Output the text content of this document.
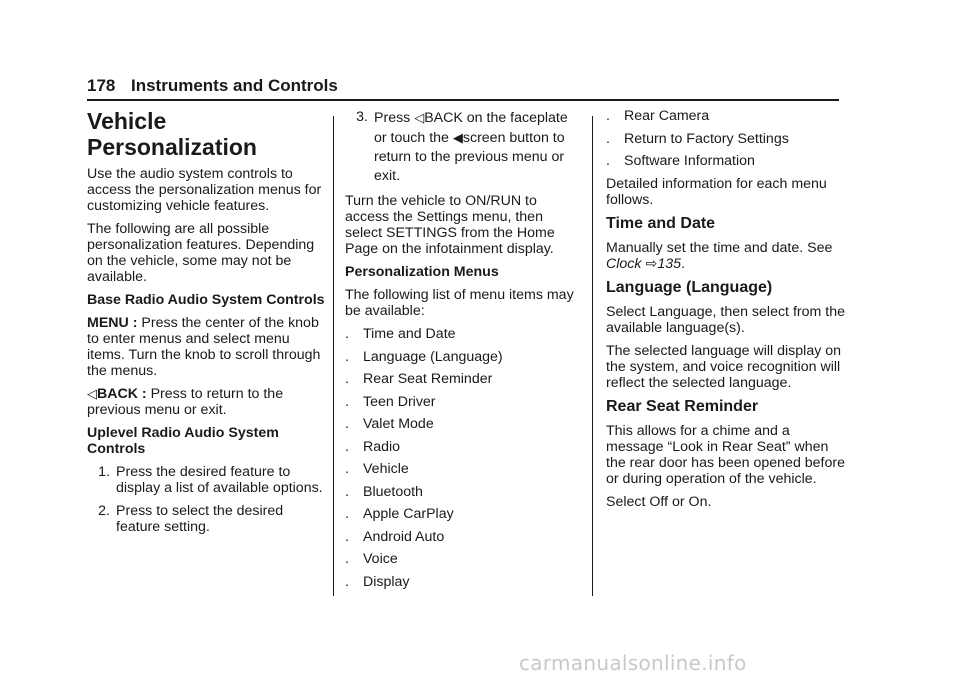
178 Instruments and Controls
Vehicle
Personalization

Use the audio system controls to access the personalization menus for customizing vehicle features.

The following are all possible personalization features. Depending on the vehicle, some may not be available.

Base Radio Audio System Controls

MENU : Press the center of the knob to enter menus and select menu items. Turn the knob to scroll through the menus.

◁BACK : Press to return to the previous menu or exit.

Uplevel Radio Audio System Controls

1. Press the desired feature to display a list of available options.
2. Press to select the desired feature setting.
3. Press ◁BACK on the faceplate or touch the ◀screen button to return to the previous menu or exit.

Turn the vehicle to ON/RUN to access the Settings menu, then select SETTINGS from the Home Page on the infotainment display.

Personalization Menus

The following list of menu items may be available:

. Time and Date
. Language (Language)
. Rear Seat Reminder
. Teen Driver
. Valet Mode
. Radio
. Vehicle
. Bluetooth
. Apple CarPlay
. Android Auto
. Voice
. Display
. Rear Camera
. Return to Factory Settings
. Software Information

Detailed information for each menu follows.

Time and Date

Manually set the time and date. See Clock ⇨135.

Language (Language)

Select Language, then select from the available language(s).

The selected language will display on the system, and voice recognition will reflect the selected language.

Rear Seat Reminder

This allows for a chime and a message “Look in Rear Seat” when the rear door has been opened before or during operation of the vehicle.

Select Off or On.

carmanualsonline.info
